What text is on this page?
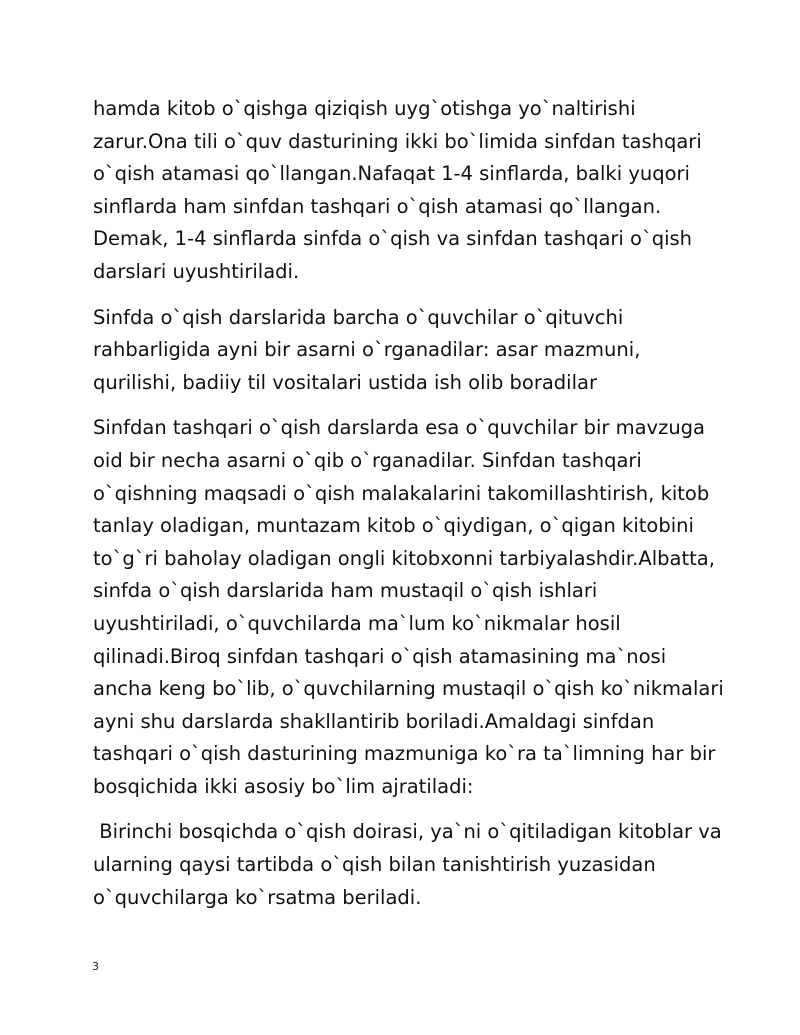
hamda kitob o`qishga qiziqish uyg`otishga yo`naltirishi
zarur.Ona tili o`quv dasturining ikki bo`limida sinfdan tashqari
o`qish atamasi qo`llangan.Nafaqat 1-4 sinflarda, balki yuqori
sinflarda ham sinfdan tashqari o`qish atamasi qo`llangan.
Demak, 1-4 sinflarda sinfda o`qish va sinfdan tashqari o`qish
darslari uyushtiriladi.

Sinfda o`qish darslarida barcha o`quvchilar o`qituvchi
rahbarligida ayni bir asarni o`rganadilar: asar mazmuni,
qurilishi, badiiy til vositalari ustida ish olib boradilar

Sinfdan tashqari o`qish darslarda esa o`quvchilar bir mavzuga
oid bir necha asarni o`qib o`rganadilar. Sinfdan tashqari
o`qishning maqsadi o`qish malakalarini takomillashtirish, kitob
tanlay oladigan, muntazam kitob o`qiydigan, o`qigan kitobini
to`g`ri baholay oladigan ongli kitobxonni tarbiyalashdir.Albatta,
sinfda o`qish darslarida ham mustaqil o`qish ishlari
uyushtiriladi, o`quvchilarda ma`lum ko`nikmalar hosil
qilinadi.Biroq sinfdan tashqari o`qish atamasining ma`nosi
ancha keng bo`lib, o`quvchilarning mustaqil o`qish ko`nikmalari
ayni shu darslarda shakllantirib boriladi.Amaldagi sinfdan
tashqari o`qish dasturining mazmuniga ko`ra ta`limning har bir
bosqichida ikki asosiy bo`lim ajratiladi:

Birinchi bosqichda o`qish doirasi, ya`ni o`qitiladigan kitoblar va
ularning qaysi tartibda o`qish bilan tanishtirish yuzasidan
o`quvchilarga ko`rsatma beriladi.

3
